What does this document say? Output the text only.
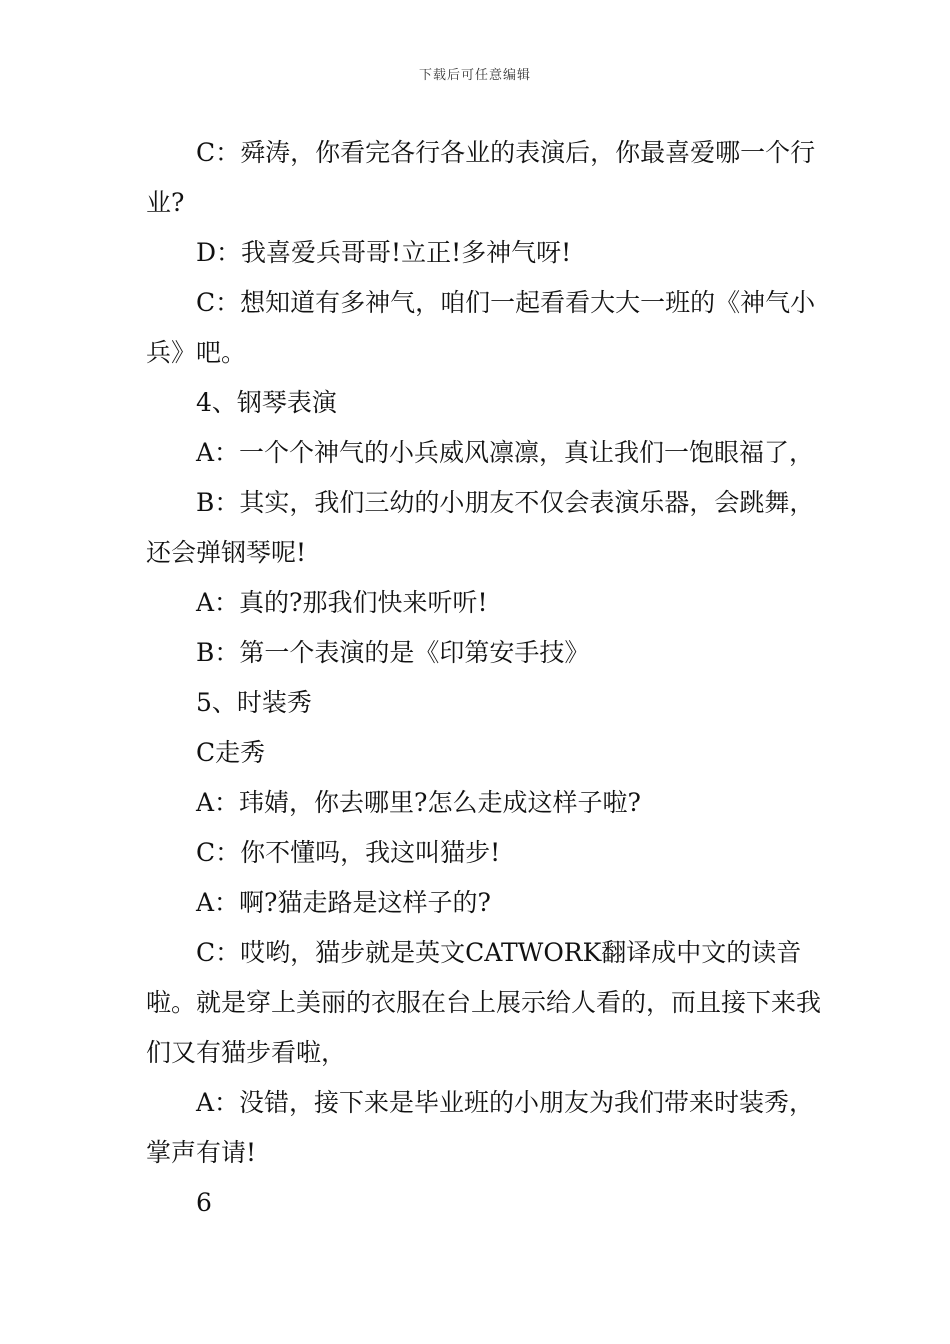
下载后可任意编辑

C：舜涛，你看完各行各业的表演后，你最喜爱哪一个行业?

D：我喜爱兵哥哥!立正!多神气呀!

C：想知道有多神气，咱们一起看看大大一班的《神气小兵》吧。

4、钢琴表演

A：一个个神气的小兵威风凛凛，真让我们一饱眼福了，

B：其实，我们三幼的小朋友不仅会表演乐器，会跳舞，还会弹钢琴呢!

A：真的?那我们快来听听!

B：第一个表演的是《印第安手技》

5、时装秀

C走秀

A：玮婧，你去哪里?怎么走成这样子啦?

C：你不懂吗，我这叫猫步!

A：啊?猫走路是这样子的?

C：哎哟，猫步就是英文CATWORK翻译成中文的读音啦。就是穿上美丽的衣服在台上展示给人看的，而且接下来我们又有猫步看啦，

A：没错，接下来是毕业班的小朋友为我们带来时装秀，掌声有请!

6
